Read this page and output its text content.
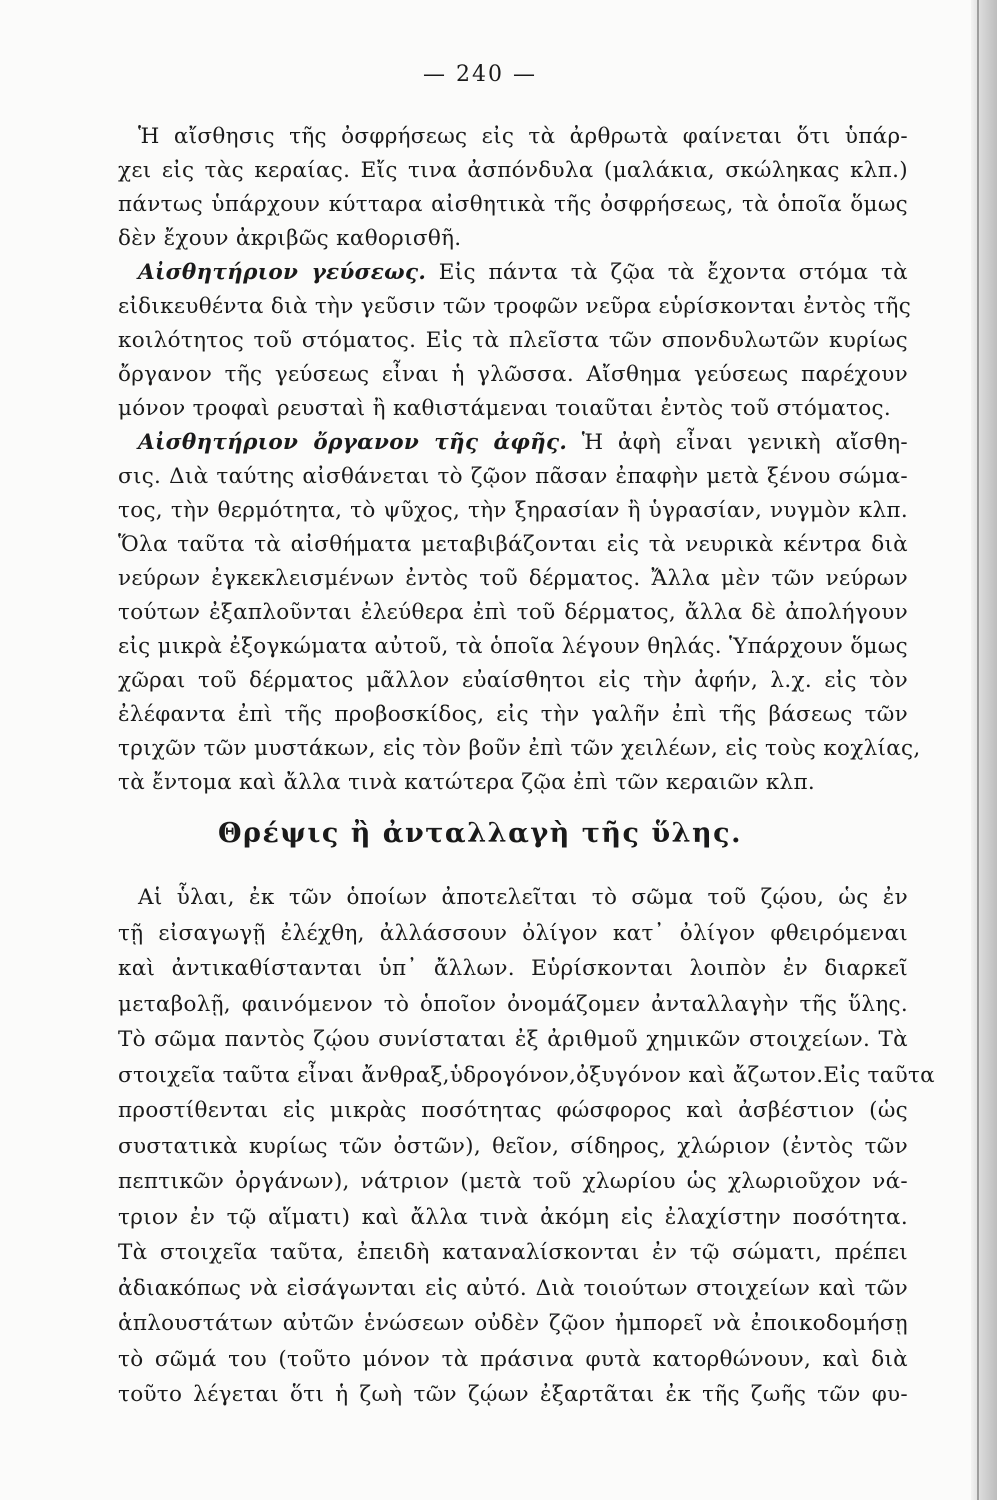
— 240 —
Ἡ αἴσθησις τῆς ὀσφρήσεως εἰς τὰ ἀρθρωτὰ φαίνεται ὅτι ὑπάρ-
χει εἰς τὰς κεραίας. Εἴς τινα ἀσπόνδυλα (μαλάκια, σκώληκας κλπ.)
πάντως ὑπάρχουν κύτταρα αἰσθητικὰ τῆς ὀσφρήσεως, τὰ ὁποῖα ὅμως
δὲν ἔχουν ἀκριβῶς καθορισθῆ.
Αἰσθητήριον γεύσεως. Εἰς πάντα τὰ ζῷα τὰ ἔχοντα στόμα τὰ
εἰδικευθέντα διὰ τὴν γεῦσιν τῶν τροφῶν νεῦρα εὑρίσκονται ἐντὸς τῆς
κοιλότητος τοῦ στόματος. Εἰς τὰ πλεῖστα τῶν σπονδυλωτῶν κυρίως
ὄργανον τῆς γεύσεως εἶναι ἡ γλῶσσα. Αἴσθημα γεύσεως παρέχουν
μόνον τροφαὶ ρευσταὶ ἢ καθιστάμεναι τοιαῦται ἐντὸς τοῦ στόματος.
Αἰσθητήριον ὄργανον τῆς ἀφῆς. Ἡ ἀφὴ εἶναι γενικὴ αἴσθη-
σις. Διὰ ταύτης αἰσθάνεται τὸ ζῷον πᾶσαν ἐπαφὴν μετὰ ξένου σώμα-
τος, τὴν θερμότητα, τὸ ψῦχος, τὴν ξηρασίαν ἢ ὑγρασίαν, νυγμὸν κλπ.
Ὅλα ταῦτα τὰ αἰσθήματα μεταβιβάζονται εἰς τὰ νευρικὰ κέντρα διὰ
νεύρων ἐγκεκλεισμένων ἐντὸς τοῦ δέρματος. Ἄλλα μὲν τῶν νεύρων
τούτων ἐξαπλοῦνται ἐλεύθερα ἐπὶ τοῦ δέρματος, ἄλλα δὲ ἀπολήγουν
εἰς μικρὰ ἐξογκώματα αὐτοῦ, τὰ ὁποῖα λέγουν θηλάς. Ὑπάρχουν ὅμως
χῶραι τοῦ δέρματος μᾶλλον εὐαίσθητοι εἰς τὴν ἀφήν, λ.χ. εἰς τὸν
ἐλέφαντα ἐπὶ τῆς προβοσκίδος, εἰς τὴν γαλῆν ἐπὶ τῆς βάσεως τῶν
τριχῶν τῶν μυστάκων, εἰς τὸν βοῦν ἐπὶ τῶν χειλέων, εἰς τοὺς κοχλίας,
τὰ ἔντομα καὶ ἄλλα τινὰ κατώτερα ζῷα ἐπὶ τῶν κεραιῶν κλπ.
Θρέψις ἢ ἀνταλλαγὴ τῆς ὕλης.
Αἱ ὗλαι, ἐκ τῶν ὁποίων ἀποτελεῖται τὸ σῶμα τοῦ ζῴου, ὡς ἐν
τῇ εἰσαγωγῇ ἐλέχθη, ἀλλάσσουν ὀλίγον κατ᾽ ὀλίγον φθειρόμεναι
καὶ ἀντικαθίστανται ὑπ᾽ ἄλλων. Εὑρίσκονται λοιπὸν ἐν διαρκεῖ
μεταβολῇ, φαινόμενον τὸ ὁποῖον ὀνομάζομεν ἀνταλλαγὴν τῆς ὕλης.
Τὸ σῶμα παντὸς ζῴου συνίσταται ἐξ ἀριθμοῦ χημικῶν στοιχείων. Τὰ
στοιχεῖα ταῦτα εἶναι ἄνθραξ,ὑδρογόνον,ὀξυγόνον καὶ ἄζωτον.Εἰς ταῦτα
προστίθενται εἰς μικρὰς ποσότητας φώσφορος καὶ ἀσβέστιον (ὡς
συστατικὰ κυρίως τῶν ὀστῶν), θεῖον, σίδηρος, χλώριον (ἐντὸς τῶν
πεπτικῶν ὀργάνων), νάτριον (μετὰ τοῦ χλωρίου ὡς χλωριοῦχον νά-
τριον ἐν τῷ αἵματι) καὶ ἄλλα τινὰ ἀκόμη εἰς ἐλαχίστην ποσότητα.
Τὰ στοιχεῖα ταῦτα, ἐπειδὴ καταναλίσκονται ἐν τῷ σώματι, πρέπει
ἀδιακόπως νὰ εἰσάγωνται εἰς αὐτό. Διὰ τοιούτων στοιχείων καὶ τῶν
ἁπλουστάτων αὐτῶν ἑνώσεων οὐδὲν ζῷον ἠμπορεῖ νὰ ἐποικοδομήσῃ
τὸ σῶμά του (τοῦτο μόνον τὰ πράσινα φυτὰ κατορθώνουν, καὶ διὰ
τοῦτο λέγεται ὅτι ἡ ζωὴ τῶν ζῴων ἐξαρτᾶται ἐκ τῆς ζωῆς τῶν φυ-
